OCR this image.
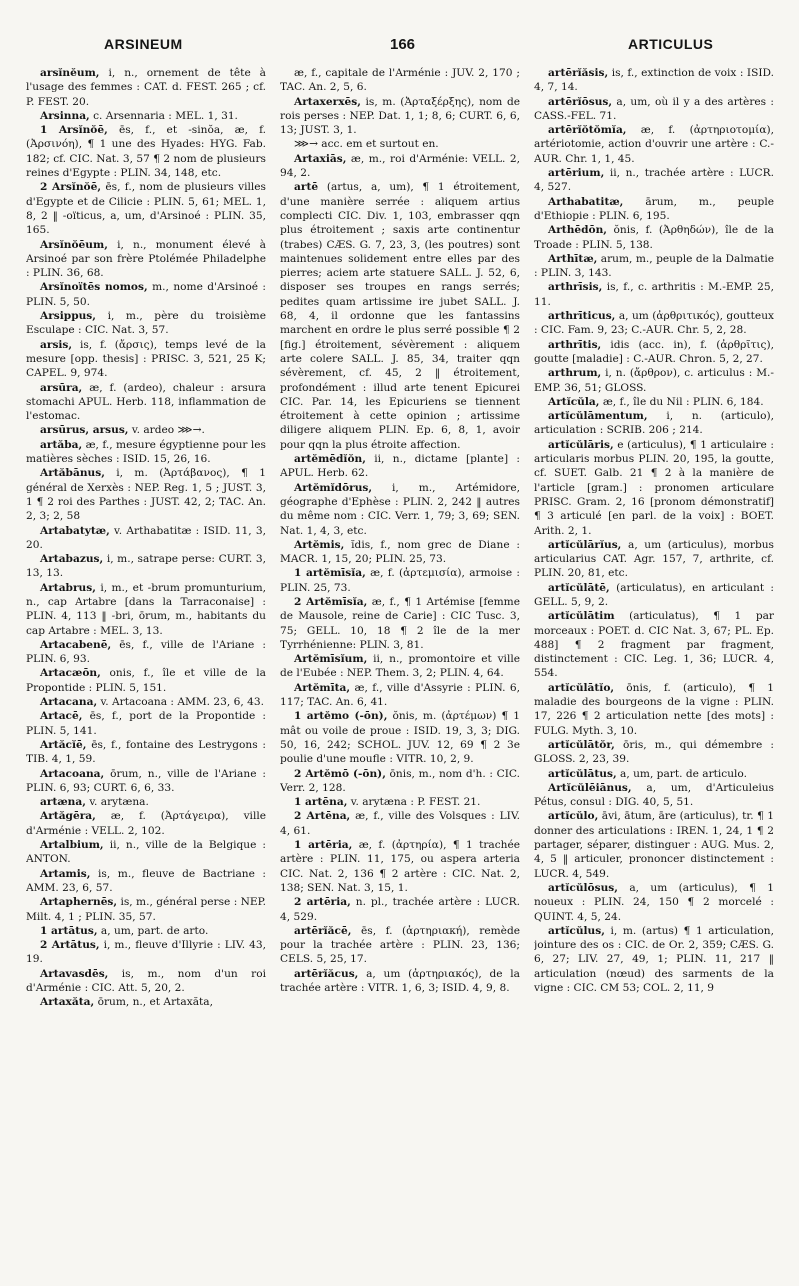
ARSINEUM	166	ARTICULUS

arsĭnĕum, i, n., ornement de tête à l'usage des femmes : CAT. d. FEST. 265 ; cf. P. FEST. 20.

Arsinna, c. Arsennaria : MEL. 1, 31.

1 Arsĭnŏē, ēs, f., et -sinŏa, æ, f. (Ἀρσινόη), ¶ 1 une des Hyades: HYG. Fab. 182; cf. CIC. Nat. 3, 57 ¶ 2 nom de plusieurs reines d'Egypte : PLIN. 34, 148, etc.

2 Arsĭnŏē, ēs, f., nom de plusieurs villes d'Egypte et de Cilicie : PLIN. 5, 61; MEL. 1, 8, 2 ‖ -oïticus, a, um, d'Arsinoé : PLIN. 35, 165.

Arsĭnŏēum, i, n., monument élevé à Arsinoé par son frère Ptolémée Philadelphe : PLIN. 36, 68.

Arsĭnoïtēs nomos, m., nome d'Arsinoé : PLIN. 5, 50.

Arsippus, i, m., père du troisième Esculape : CIC. Nat. 3, 57.

arsis, is, f. (ἄρσις), temps levé de la mesure [opp. thesis] : PRISC. 3, 521, 25 K; CAPEL. 9, 974.

arsūra, æ, f. (ardeo), chaleur : arsura stomachi APUL. Herb. 118, inflammation de l'estomac.

arsūrus, arsus, v. ardeo ⋙→.

artăba, æ, f., mesure égyptienne pour les matières sèches : ISID. 15, 26, 16.

Artăbānus, i, m. (Ἀρτάβανος), ¶ 1 général de Xerxès : NEP. Reg. 1, 5 ; JUST. 3, 1 ¶ 2 roi des Parthes : JUST. 42, 2; TAC. An. 2, 3; 2, 58

Artabatytæ, v. Arthabatitæ : ISID. 11, 3, 20.

Artabazus, i, m., satrape perse: CURT. 3, 13, 13.

Artabrus, i, m., et -brum promunturium, n., cap Artabre [dans la Tarraconaise] : PLIN. 4, 113 ‖ -bri, ōrum, m., habitants du cap Artabre : MEL. 3, 13.

Artacabenē, ēs, f., ville de l'Ariane : PLIN. 6, 93.

Artacæōn, onis, f., île et ville de la Propontide : PLIN. 5, 151.

Artacana, v. Artacoana : AMM. 23, 6, 43.

Artacē, ēs, f., port de la Propontide : PLIN. 5, 141.

Artăcĭē, ēs, f., fontaine des Lestrygons : TIB. 4, 1, 59.

Artacoana, ōrum, n., ville de l'Ariane : PLIN. 6, 93; CURT. 6, 6, 33.

artæna, v. arytæna.

Artăgēra, æ, f. (Ἀρτάγειρα), ville d'Arménie : VELL. 2, 102.

Artalbium, ii, n., ville de la Belgique : ANTON.

Artamis, is, m., fleuve de Bactriane : AMM. 23, 6, 57.

Artaphernēs, is, m., général perse : NEP. Milt. 4, 1 ; PLIN. 35, 57.

1 artātus, a, um, part. de arto.

2 Artātus, i, m., fleuve d'Illyrie : LIV. 43, 19.

Artavasdēs, is, m., nom d'un roi d'Arménie : CIC. Att. 5, 20, 2.

Artaxăta, ōrum, n., et Artaxăta,

æ, f., capitale de l'Arménie : JUV. 2, 170 ; TAC. An. 2, 5, 6.

Artaxerxēs, is, m. (Ἀρταξέρξης), nom de rois perses : NEP. Dat. 1, 1; 8, 6; CURT. 6, 6, 13; JUST. 3, 1.

⋙→ acc. em et surtout en.

Artaxiās, æ, m., roi d'Arménie: VELL. 2, 94, 2.

artē (artus, a, um), ¶ 1 étroitement, d'une manière serrée : aliquem artius complecti CIC. Div. 1, 103, embrasser qqn plus étroitement ; saxis arte continentur (trabes) CÆS. G. 7, 23, 3, (les poutres) sont maintenues solidement entre elles par des pierres; aciem arte statuere SALL. J. 52, 6, disposer ses troupes en rangs serrés; pedites quam artissime ire jubet SALL. J. 68, 4, il ordonne que les fantassins marchent en ordre le plus serré possible ¶ 2 [fig.] étroitement, sévèrement : aliquem arte colere SALL. J. 85, 34, traiter qqn sévèrement, cf. 45, 2 ‖ étroitement, profondément : illud arte tenent Epicurei CIC. Par. 14, les Epicuriens se tiennent étroitement à cette opinion ; artissime diligere aliquem PLIN. Ep. 6, 8, 1, avoir pour qqn la plus étroite affection.

artĕmēdĭŏn, ii, n., dictame [plante] : APUL. Herb. 62.

Artĕmĭdōrus, i, m., Artémidore, géographe d'Ephèse : PLIN. 2, 242 ‖ autres du même nom : CIC. Verr. 1, 79; 3, 69; SEN. Nat. 1, 4, 3, etc.

Artĕmis, ĭdis, f., nom grec de Diane : MACR. 1, 15, 20; PLIN. 25, 73.

1 artĕmīsĭa, æ, f. (ἀρτεμισία), armoise : PLIN. 25, 73.

2 Artĕmīsĭa, æ, f., ¶ 1 Artémise [femme de Mausole, reine de Carie] : CIC Tusc. 3, 75; GELL. 10, 18 ¶ 2 île de la mer Tyrrhénienne: PLIN. 3, 81.

Artĕmīsĭum, ii, n., promontoire et ville de l'Eubée : NEP. Them. 3, 2; PLIN. 4, 64.

Artĕmīta, æ, f., ville d'Assyrie : PLIN. 6, 117; TAC. An. 6, 41.

1 artĕmo (-ōn), ŏnis, m. (ἀρτέμων) ¶ 1 mât ou voile de proue : ISID. 19, 3, 3; DIG. 50, 16, 242; SCHOL. JUV. 12, 69 ¶ 2 3e poulie d'une moufle : VITR. 10, 2, 9.

2 Artĕmō (-ōn), ōnis, m., nom d'h. : CIC. Verr. 2, 128.

1 artēna, v. arytæna : P. FEST. 21.

2 Artēna, æ, f., ville des Volsques : LIV. 4, 61.

1 artēria, æ, f. (ἀρτηρία), ¶ 1 trachée artère : PLIN. 11, 175, ou aspera arteria CIC. Nat. 2, 136 ¶ 2 artère : CIC. Nat. 2, 138; SEN. Nat. 3, 15, 1.

2 artēria, n. pl., trachée artère : LUCR. 4, 529.

artērĭăcē, ēs, f. (ἀρτηριακή), remède pour la trachée artère : PLIN. 23, 136; CELS. 5, 25, 17.

artērĭăcus, a, um (ἀρτηριακός), de la trachée artère : VITR. 1, 6, 3; ISID. 4, 9, 8.

artērĭăsis, is, f., extinction de voix : ISID. 4, 7, 14.

artērĭōsus, a, um, où il y a des artères : CASS.-FEL. 71.

artērĭŏtŏmĭa, æ, f. (ἀρτηριοτομία), artériotomie, action d'ouvrir une artère : C.-AUR. Chr. 1, 1, 45.

artērium, ii, n., trachée artère : LUCR. 4, 527.

Arthabatitæ, ārum, m., peuple d'Ethiopie : PLIN. 6, 195.

Arthēdōn, ŏnis, f. (Ἀρθηδών), île de la Troade : PLIN. 5, 138.

Arthītæ, arum, m., peuple de la Dalmatie : PLIN. 3, 143.

arthrīsis, is, f., c. arthritis : M.-EMP. 25, 11.

arthrīticus, a, um (ἀρθριτικός), goutteux : CIC. Fam. 9, 23; C.-AUR. Chr. 5, 2, 28.

arthrītis, idis (acc. in), f. (ἀρθρῖτις), goutte [maladie] : C.-AUR. Chron. 5, 2, 27.

arthrum, i, n. (ἄρθρον), c. articulus : M.-EMP. 36, 51; GLOSS.

Artĭcŭla, æ, f., île du Nil : PLIN. 6, 184.

artĭcŭlāmentum, i, n. (articulo), articulation : SCRIB. 206 ; 214.

artĭcŭlāris, e (articulus), ¶ 1 articulaire : articularis morbus PLIN. 20, 195, la goutte, cf. SUET. Galb. 21 ¶ 2 à la manière de l'article [gram.] : pronomen articulare PRISC. Gram. 2, 16 [pronom démonstratif] ¶ 3 articulé [en parl. de la voix] : BOET. Arith. 2, 1.

artĭcŭlārĭus, a, um (articulus), morbus articularius CAT. Agr. 157, 7, arthrite, cf. PLIN. 20, 81, etc.

artĭcŭlātē, (articulatus), en articulant : GELL. 5, 9, 2.

artĭcŭlātim (articulatus), ¶ 1 par morceaux : POET. d. CIC Nat. 3, 67; PL. Ep. 488] ¶ 2 fragment par fragment, distinctement : CIC. Leg. 1, 36; LUCR. 4, 554.

artĭcŭlātĭo, ōnis, f. (articulo), ¶ 1 maladie des bourgeons de la vigne : PLIN. 17, 226 ¶ 2 articulation nette [des mots] : FULG. Myth. 3, 10.

artĭcŭlātŏr, ōris, m., qui démembre : GLOSS. 2, 23, 39.

artĭcŭlātus, a, um, part. de articulo.

Artĭcŭlēiānus, a, um, d'Articuleius Pétus, consul : DIG. 40, 5, 51.

artĭcŭlo, āvi, ātum, āre (articulus), tr. ¶ 1 donner des articulations : IREN. 1, 24, 1 ¶ 2 partager, séparer, distinguer : AUG. Mus. 2, 4, 5 ‖ articuler, prononcer distinctement : LUCR. 4, 549.

artĭcŭlōsus, a, um (articulus), ¶ 1 noueux : PLIN. 24, 150 ¶ 2 morcelé : QUINT. 4, 5, 24.

artĭcŭlus, i, m. (artus) ¶ 1 articulation, jointure des os : CIC. de Or. 2, 359; CÆS. G. 6, 27; LIV. 27, 49, 1; PLIN. 11, 217 ‖ articulation (nœud) des sarments de la vigne : CIC. CM 53; COL. 2, 11, 9
